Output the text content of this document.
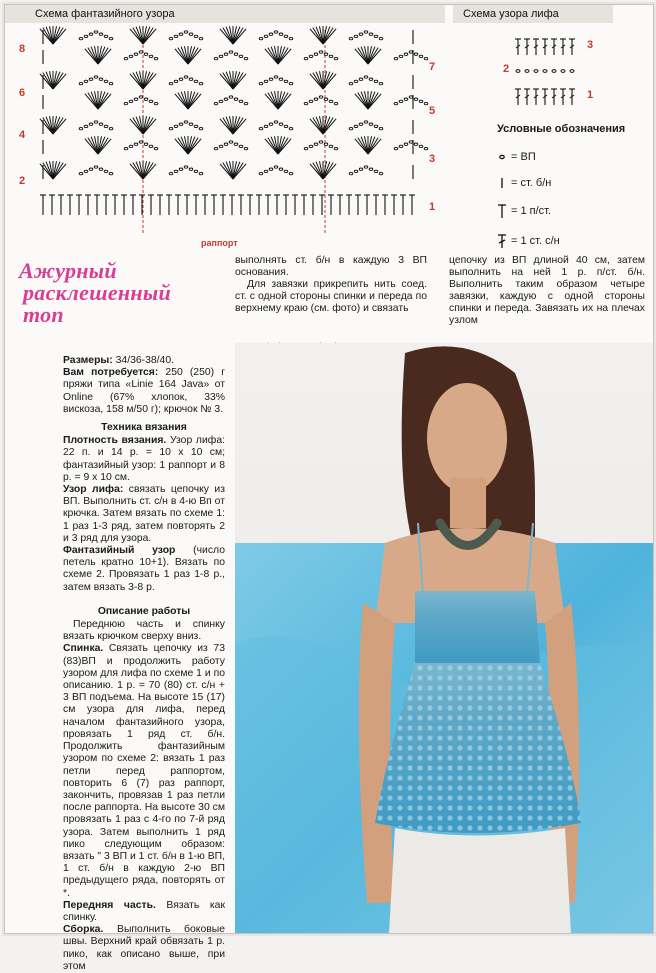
Схема фантазийного узора	Схема узора лифа
8
6
4
2
7
5
3
1
раппорт
2
3
1
Условные обозначения
= ВП
= ст. б/н
= 1 п/ст.
= 1 ст. с/н
Ажурный
расклешенный
топ

выполнять ст. б/н в каждую 3 ВП основания.

Для завязки прикрепить нить соед. ст. с одной стороны спинки и переда по верхнему краю (см. фото) и связать

цепочку из ВП длиной 40 см, затем выполнить на ней 1 р. п/ст. б/н. Выполнить таким образом четыре завязки, каждую с одной стороны спинки и переда. Завязать их на плечах узлом

Размеры: 34/36-38/40.

Вам потребуется: 250 (250) г пряжи типа «Linie 164 Java» от Online (67% хлопок, 33% вискоза, 158 м/50 г); крючок № 3.

Техника вязания

Плотность вязания. Узор лифа: 22 п. и 14 р. = 10 х 10 см; фантазийный узор: 1 раппорт и 8 р. = 9 х 10 см.

Узор лифа: связать цепочку из ВП. Выполнить ст. с/н в 4-ю Вп от крючка. Затем вязать по схеме 1: 1 раз 1-3 ряд, затем повторять 2 и 3 ряд для узора.

Фантазийный узор (число петель кратно 10+1). Вязать по схеме 2. Провязать 1 раз 1-8 р., затем вязать 3-8 р.

Описание работы

Переднюю часть и спинку вязать крючком сверху вниз.

Спинка. Связать цепочку из 73 (83)ВП и продолжить работу узором для лифа по схеме 1 и по описанию. 1 р. = 70 (80) ст. с/н + 3 ВП подъема. На высоте 15 (17) см узора для лифа, перед началом фантазийного узора, провязать 1 ряд ст. б/н. Продолжить фантазийным узором по схеме 2: вязать 1 раз петли перед раппортом, повторить 6 (7) раз раппорт, закончить, провязав 1 раз петли после раппорта. На высоте 30 см провязать 1 раз с 4-го по 7-й ряд узора. Затем выполнить 1 ряд пико следующим образом: вязать " 3 ВП и 1 ст. б/н в 1-ю ВП, 1 ст. б/н в каждую 2-ю ВП предыдущего ряда, повторять от *.

Передняя часть. Вязать как спинку.

Сборка. Выполнить боковые швы. Верхний край обвязать 1 р. пико, как описано выше, при этом
